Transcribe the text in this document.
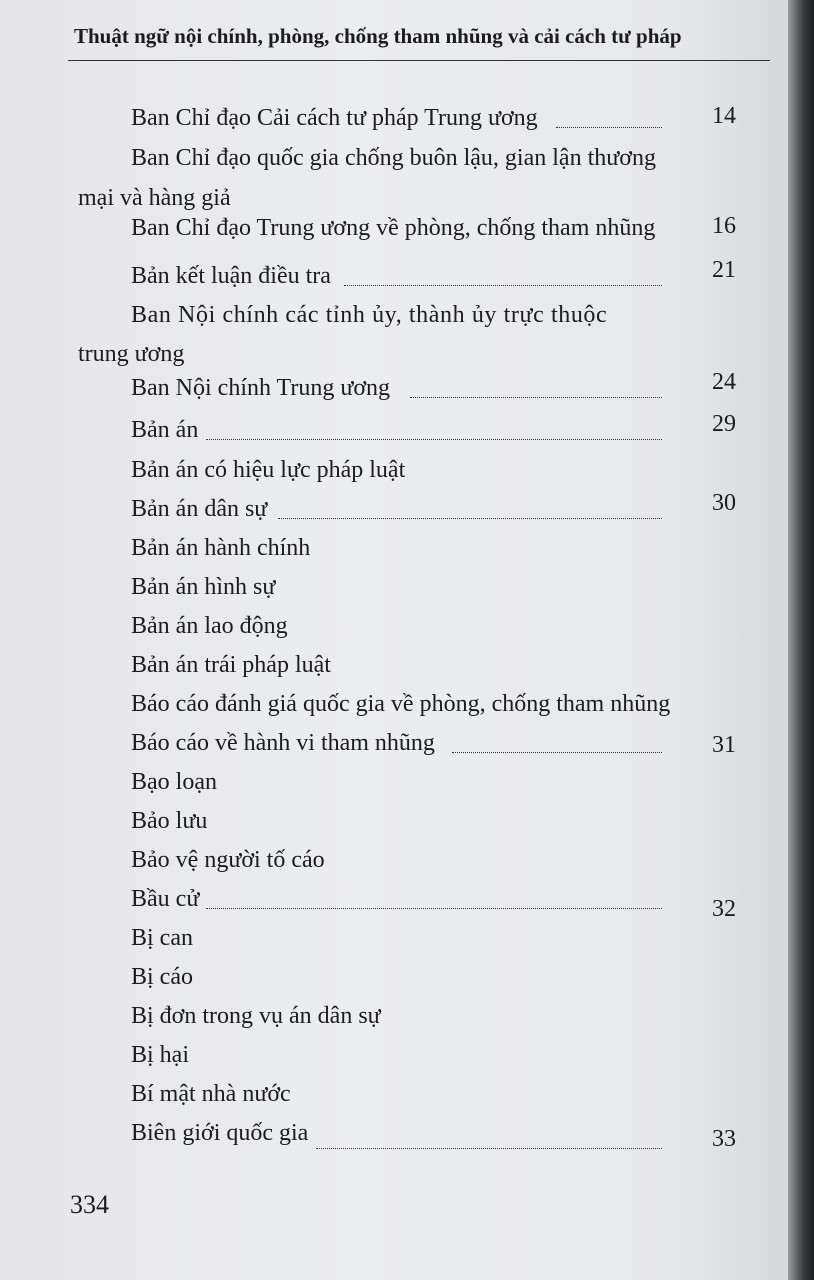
Thuật ngữ nội chính, phòng, chống tham nhũng và cải cách tư pháp
Ban Chỉ đạo Cải cách tư pháp Trung ương	14
Ban Chỉ đạo quốc gia chống buôn lậu, gian lận thương
mại và hàng giả
Ban Chỉ đạo Trung ương về phòng, chống tham nhũng	16
Bản kết luận điều tra	21
Ban Nội chính các tỉnh ủy, thành ủy trực thuộc
trung ương
Ban Nội chính Trung ương	24
Bản án	29
Bản án có hiệu lực pháp luật
Bản án dân sự	30
Bản án hành chính
Bản án hình sự
Bản án lao động
Bản án trái pháp luật
Báo cáo đánh giá quốc gia về phòng, chống tham nhũng
Báo cáo về hành vi tham nhũng	31
Bạo loạn
Bảo lưu
Bảo vệ người tố cáo
Bầu cử	32
Bị can
Bị cáo
Bị đơn trong vụ án dân sự
Bị hại
Bí mật nhà nước
Biên giới quốc gia	33
334
